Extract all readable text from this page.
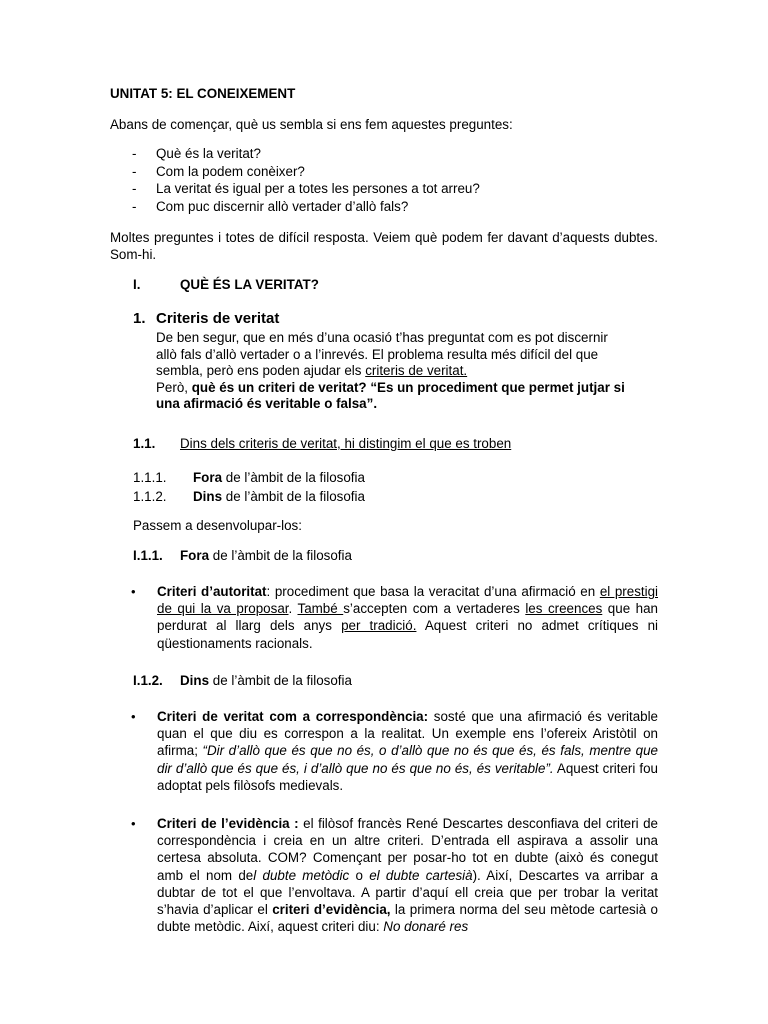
UNITAT 5: EL CONEIXEMENT
Abans de començar, què us sembla si ens fem aquestes preguntes:
- Què és la veritat?
- Com la podem conèixer?
- La veritat és igual per a totes les persones a tot arreu?
- Com puc discernir allò vertader d’allò fals?
Moltes preguntes i totes de difícil resposta. Veiem què podem fer davant d’aquests dubtes. Som-hi.
I.	QUÈ ÉS LA VERITAT?
1. Criteris de veritat
De ben segur, que en més d’una ocasió t’has preguntat com es pot discernir
allò fals d’allò vertader o a l’inrevés. El problema resulta més difícil del que
sembla, però ens poden ajudar els criteris de veritat.
Però, què és un criteri de veritat? “Es un procediment que permet jutjar si
una afirmació és veritable o falsa”.
1.1. Dins dels criteris de veritat, hi distingim el que es troben
1.1.1. Fora de l’àmbit de la filosofia
1.1.2. Dins de l’àmbit de la filosofia
Passem a desenvolupar-los:
I.1.1. Fora de l’àmbit de la filosofia
• Criteri d’autoritat: procediment que basa la veracitat d’una afirmació en el prestigi de qui la va proposar. També s’accepten com a vertaderes les creences que han perdurat al llarg dels anys per tradició. Aquest criteri no admet crítiques ni qüestionaments racionals.
I.1.2. Dins de l’àmbit de la filosofia
• Criteri de veritat com a correspondència: sosté que una afirmació és veritable quan el que diu es correspon a la realitat. Un exemple ens l’ofereix Aristòtil on afirma; “Dir d’allò que és que no és, o d’allò que no és que és, és fals, mentre que dir d’allò que és que és, i d’allò que no és que no és, és veritable”. Aquest criteri fou adoptat pels filòsofs medievals.
• Criteri de l’evidència : el filòsof francès René Descartes desconfiava del criteri de correspondència i creia en un altre criteri. D’entrada ell aspirava a assolir una certesa absoluta. COM? Començant per posar-ho tot en dubte (això és conegut amb el nom del dubte metòdic o el dubte cartesià). Així, Descartes va arribar a dubtar de tot el que l’envoltava. A partir d’aquí ell creia que per trobar la veritat s’havia d’aplicar el criteri d’evidència, la primera norma del seu mètode cartesià o dubte metòdic. Així, aquest criteri diu: No donaré res
